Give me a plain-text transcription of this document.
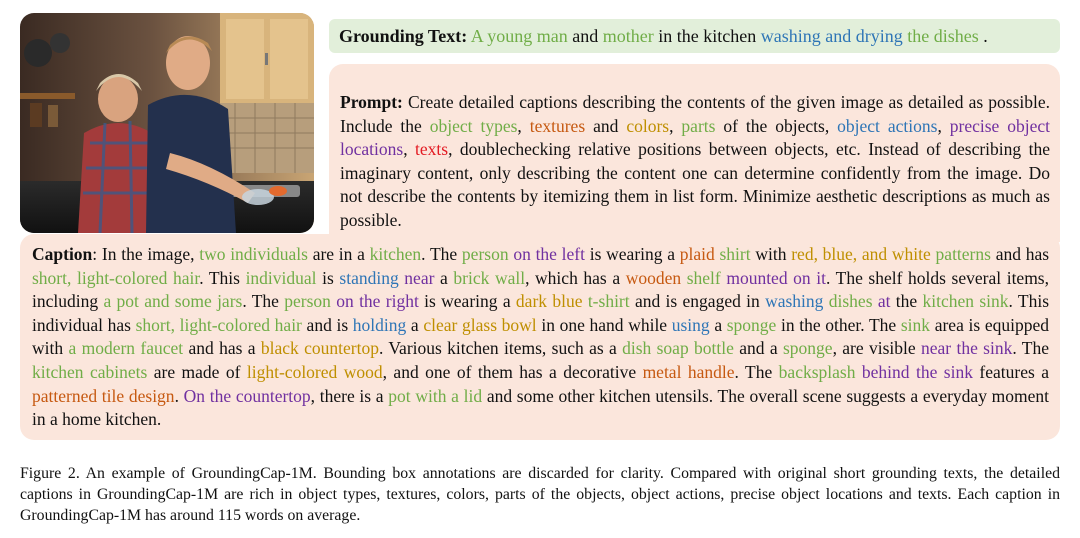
Grounding Text: A young man and mother in the kitchen washing and drying the dishes .
Prompt: Create detailed captions describing the contents of the given image as detailed as possible. Include the object types, textures and colors, parts of the objects, object actions, precise object locations, texts, doublechecking relative positions between objects, etc. Instead of describing the imaginary content, only describing the content one can determine confidently from the image. Do not describe the contents by itemizing them in list form. Minimize aesthetic descriptions as much as possible.
Caption: In the image, two individuals are in a kitchen. The person on the left is wearing a plaid shirt with red, blue, and white patterns and has short, light-colored hair. This individual is standing near a brick wall, which has a wooden shelf mounted on it. The shelf holds several items, including a pot and some jars. The person on the right is wearing a dark blue t-shirt and is engaged in washing dishes at the kitchen sink. This individual has short, light-colored hair and is holding a clear glass bowl in one hand while using a sponge in the other. The sink area is equipped with a modern faucet and has a black countertop. Various kitchen items, such as a dish soap bottle and a sponge, are visible near the sink. The kitchen cabinets are made of light-colored wood, and one of them has a decorative metal handle. The backsplash behind the sink features a patterned tile design. On the countertop, there is a pot with a lid and some other kitchen utensils. The overall scene suggests a everyday moment in a home kitchen.
Figure 2. An example of GroundingCap-1M. Bounding box annotations are discarded for clarity. Compared with original short grounding texts, the detailed captions in GroundingCap-1M are rich in object types, textures, colors, parts of the objects, object actions, precise object locations and texts. Each caption in GroundingCap-1M has around 115 words on average.
